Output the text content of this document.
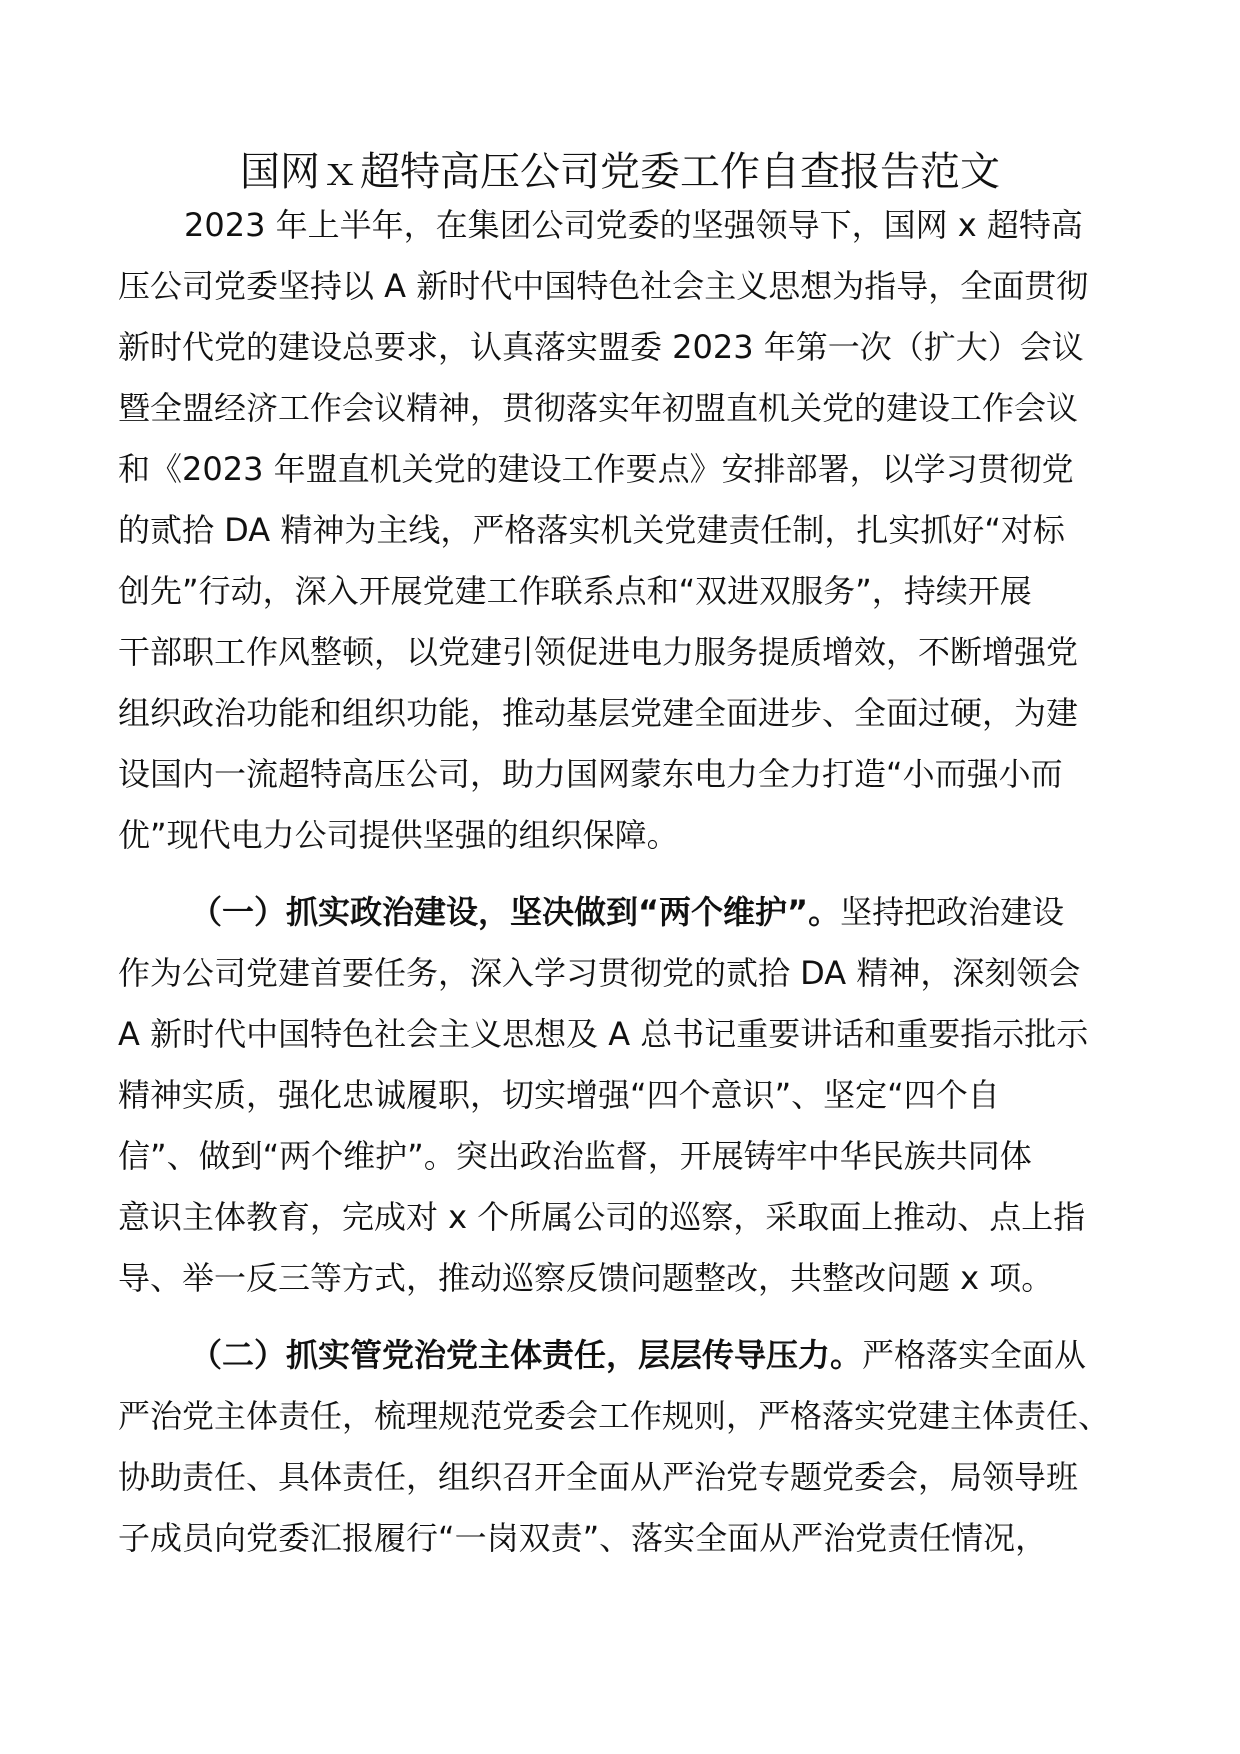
国网ｘ超特高压公司党委工作自查报告范文
2023 年上半年，在集团公司党委的坚强领导下，国网 x 超特高
压公司党委坚持以 A 新时代中国特色社会主义思想为指导，全面贯彻
新时代党的建设总要求，认真落实盟委 2023 年第一次（扩大）会议
暨全盟经济工作会议精神，贯彻落实年初盟直机关党的建设工作会议
和《2023 年盟直机关党的建设工作要点》安排部署，以学习贯彻党
的贰拾 DA 精神为主线，严格落实机关党建责任制，扎实抓好“对标
创先”行动，深入开展党建工作联系点和“双进双服务”，持续开展
干部职工作风整顿，以党建引领促进电力服务提质增效，不断增强党
组织政治功能和组织功能，推动基层党建全面进步、全面过硬，为建
设国内一流超特高压公司，助力国网蒙东电力全力打造“小而强小而
优”现代电力公司提供坚强的组织保障。
（一）抓实政治建设，坚决做到“两个维护”。坚持把政治建设
作为公司党建首要任务，深入学习贯彻党的贰拾 DA 精神，深刻领会
A 新时代中国特色社会主义思想及 A 总书记重要讲话和重要指示批示
精神实质，强化忠诚履职，切实增强“四个意识”、坚定“四个自
信”、做到“两个维护”。突出政治监督，开展铸牢中华民族共同体
意识主体教育，完成对 x 个所属公司的巡察，采取面上推动、点上指
导、举一反三等方式，推动巡察反馈问题整改，共整改问题 x 项。
（二）抓实管党治党主体责任，层层传导压力。严格落实全面从
严治党主体责任，梳理规范党委会工作规则，严格落实党建主体责任、
协助责任、具体责任，组织召开全面从严治党专题党委会，局领导班
子成员向党委汇报履行“一岗双责”、落实全面从严治党责任情况，
